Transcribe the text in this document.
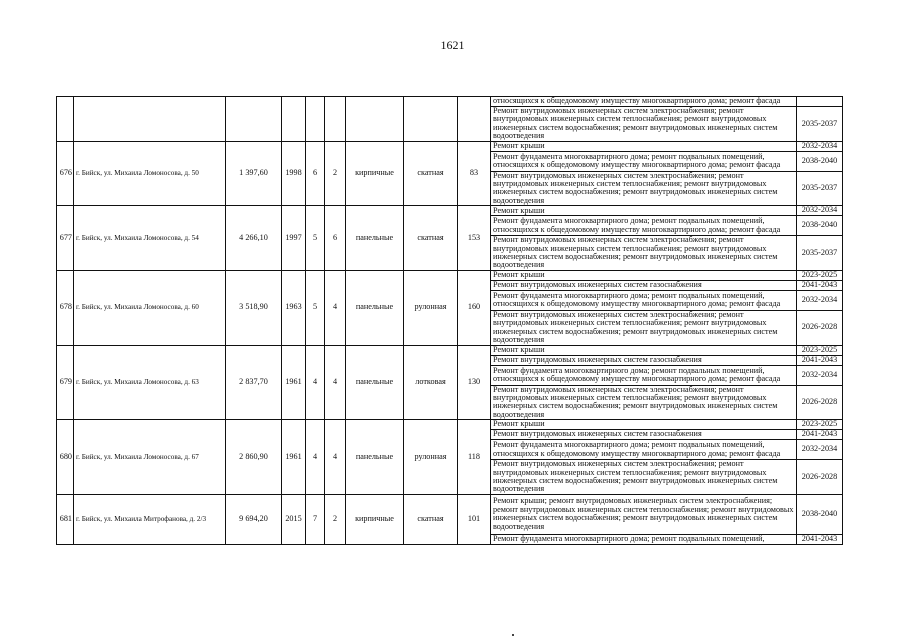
1621
									относящихся к общедомовому имуществу многоквартирного дома; ремонт фасада	
									Ремонт внутридомовых инженерных систем электроснабжения; ремонт внутридомовых инженерных систем теплоснабжения; ремонт внутридомовых инженерных систем водоснабжения; ремонт внутридомовых инженерных систем водоотведения	2035-2037
676	г. Бийск, ул. Михаила Ломоносова, д. 50	1 397,60	1998	6	2	кирпичные	скатная	83	Ремонт крыши	2032-2034
									Ремонт фундамента многоквартирного дома; ремонт подвальных помещений, относящихся к общедомовому имуществу многоквартирного дома; ремонт фасада	2038-2040
									Ремонт внутридомовых инженерных систем электроснабжения; ремонт внутридомовых инженерных систем теплоснабжения; ремонт внутридомовых инженерных систем водоснабжения; ремонт внутридомовых инженерных систем водоотведения	2035-2037
677	г. Бийск, ул. Михаила Ломоносова, д. 54	4 266,10	1997	5	6	панельные	скатная	153	Ремонт крыши	2032-2034
									Ремонт фундамента многоквартирного дома; ремонт подвальных помещений, относящихся к общедомовому имуществу многоквартирного дома; ремонт фасада	2038-2040
									Ремонт внутридомовых инженерных систем электроснабжения; ремонт внутридомовых инженерных систем теплоснабжения; ремонт внутридомовых инженерных систем водоснабжения; ремонт внутридомовых инженерных систем водоотведения	2035-2037
678	г. Бийск, ул. Михаила Ломоносова, д. 60	3 518,90	1963	5	4	панельные	рулонная	160	Ремонт крыши	2023-2025
									Ремонт внутридомовых инженерных систем газоснабжения	2041-2043
									Ремонт фундамента многоквартирного дома; ремонт подвальных помещений, относящихся к общедомовому имуществу многоквартирного дома; ремонт фасада	2032-2034
									Ремонт внутридомовых инженерных систем электроснабжения; ремонт внутридомовых инженерных систем теплоснабжения; ремонт внутридомовых инженерных систем водоснабжения; ремонт внутридомовых инженерных систем водоотведения	2026-2028
679	г. Бийск, ул. Михаила Ломоносова, д. 63	2 837,70	1961	4	4	панельные	лотковая	130	Ремонт крыши	2023-2025
									Ремонт внутридомовых инженерных систем газоснабжения	2041-2043
									Ремонт фундамента многоквартирного дома; ремонт подвальных помещений, относящихся к общедомовому имуществу многоквартирного дома; ремонт фасада	2032-2034
									Ремонт внутридомовых инженерных систем электроснабжения; ремонт внутридомовых инженерных систем теплоснабжения; ремонт внутридомовых инженерных систем водоснабжения; ремонт внутридомовых инженерных систем водоотведения	2026-2028
680	г. Бийск, ул. Михаила Ломоносова, д. 67	2 860,90	1961	4	4	панельные	рулонная	118	Ремонт крыши	2023-2025
									Ремонт внутридомовых инженерных систем газоснабжения	2041-2043
									Ремонт фундамента многоквартирного дома; ремонт подвальных помещений, относящихся к общедомовому имуществу многоквартирного дома; ремонт фасада	2032-2034
									Ремонт внутридомовых инженерных систем электроснабжения; ремонт внутридомовых инженерных систем теплоснабжения; ремонт внутридомовых инженерных систем водоснабжения; ремонт внутридомовых инженерных систем водоотведения	2026-2028
681	г. Бийск, ул. Михаила Митрофанова, д. 2/3	9 694,20	2015	7	2	кирпичные	скатная	101	Ремонт крыши; ремонт внутридомовых инженерных систем электроснабжения; ремонт внутридомовых инженерных систем теплоснабжения; ремонт внутридомовых инженерных систем водоснабжения; ремонт внутридомовых инженерных систем водоотведения	2038-2040
									Ремонт фундамента многоквартирного дома; ремонт подвальных помещений,	2041-2043
